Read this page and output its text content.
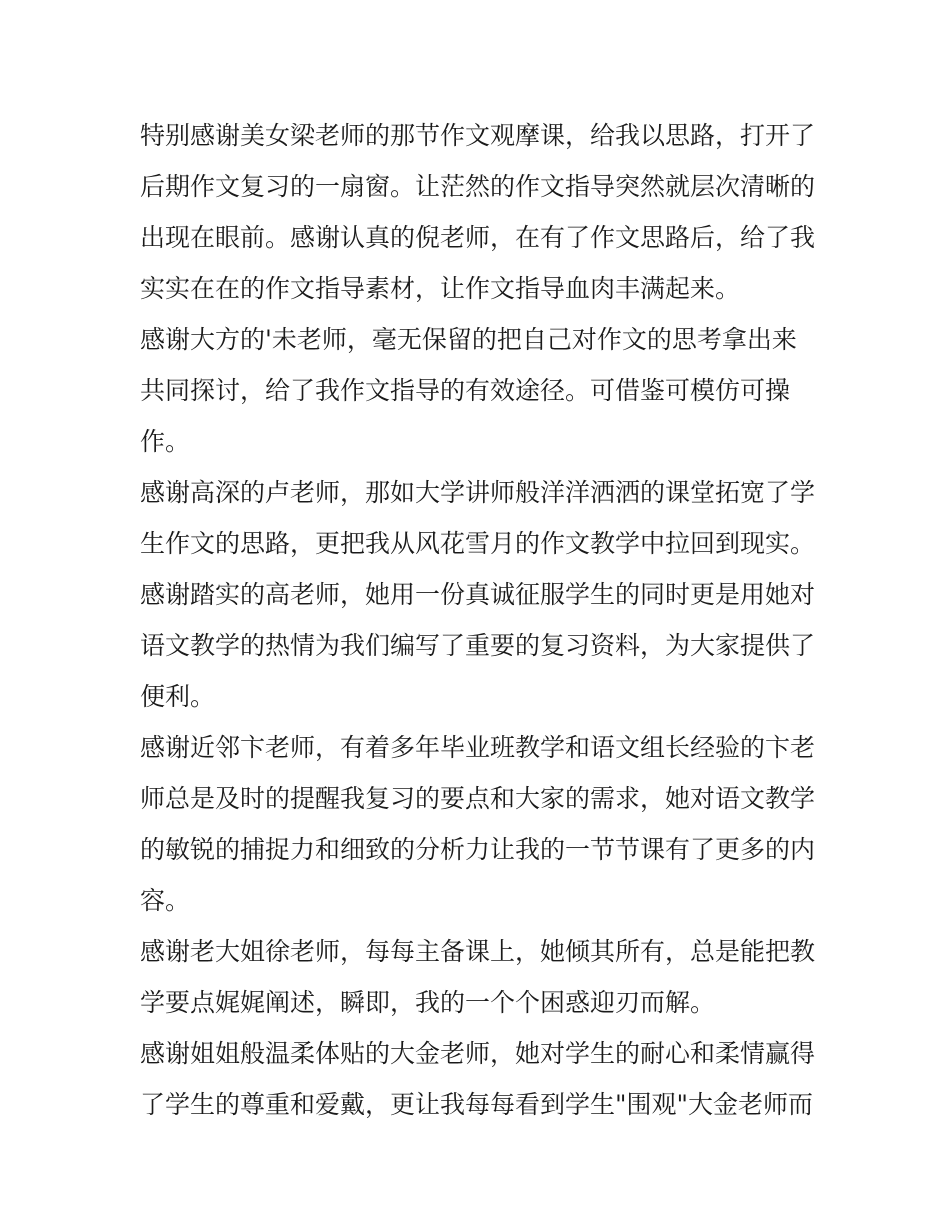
特别感谢美女梁老师的那节作文观摩课，给我以思路，打开了
后期作文复习的一扇窗。让茫然的作文指导突然就层次清晰的
出现在眼前。感谢认真的倪老师，在有了作文思路后，给了我
实实在在的作文指导素材，让作文指导血肉丰满起来。
感谢大方的'未老师，毫无保留的把自己对作文的思考拿出来
共同探讨，给了我作文指导的有效途径。可借鉴可模仿可操
作。
感谢高深的卢老师，那如大学讲师般洋洋洒洒的课堂拓宽了学
生作文的思路，更把我从风花雪月的作文教学中拉回到现实。
感谢踏实的高老师，她用一份真诚征服学生的同时更是用她对
语文教学的热情为我们编写了重要的复习资料，为大家提供了
便利。
感谢近邻卞老师，有着多年毕业班教学和语文组长经验的卞老
师总是及时的提醒我复习的要点和大家的需求，她对语文教学
的敏锐的捕捉力和细致的分析力让我的一节节课有了更多的内
容。
感谢老大姐徐老师，每每主备课上，她倾其所有，总是能把教
学要点娓娓阐述，瞬即，我的一个个困惑迎刃而解。
感谢姐姐般温柔体贴的大金老师，她对学生的耐心和柔情赢得
了学生的尊重和爱戴，更让我每每看到学生"围观"大金老师而
